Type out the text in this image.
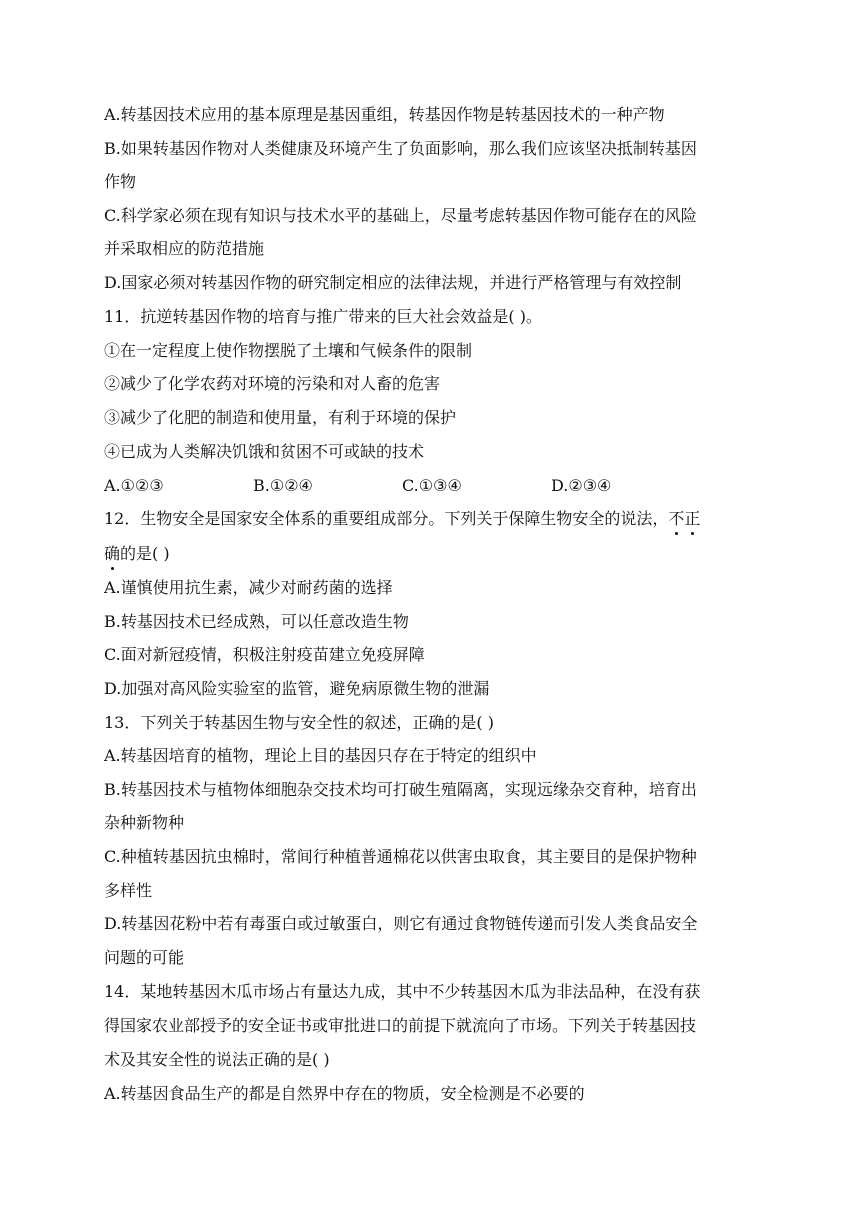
A.转基因技术应用的基本原理是基因重组，转基因作物是转基因技术的一种产物
B.如果转基因作物对人类健康及环境产生了负面影响，那么我们应该坚决抵制转基因
作物
C.科学家必须在现有知识与技术水平的基础上，尽量考虑转基因作物可能存在的风险
并采取相应的防范措施
D.国家必须对转基因作物的研究制定相应的法律法规，并进行严格管理与有效控制
11．抗逆转基因作物的培育与推广带来的巨大社会效益是( )。
①在一定程度上使作物摆脱了土壤和气候条件的限制
②减少了化学农药对环境的污染和对人畜的危害
③减少了化肥的制造和使用量，有利于环境的保护
④已成为人类解决饥饿和贫困不可或缺的技术
A.①②③	B.①②④	C.①③④	D.②③④
12．生物安全是国家安全体系的重要组成部分。下列关于保障生物安全的说法，不正
确的是( )
A.谨慎使用抗生素，减少对耐药菌的选择
B.转基因技术已经成熟，可以任意改造生物
C.面对新冠疫情，积极注射疫苗建立免疫屏障
D.加强对高风险实验室的监管，避免病原微生物的泄漏
13．下列关于转基因生物与安全性的叙述，正确的是( )
A.转基因培育的植物，理论上目的基因只存在于特定的组织中
B.转基因技术与植物体细胞杂交技术均可打破生殖隔离，实现远缘杂交育种，培育出
杂种新物种
C.种植转基因抗虫棉时，常间行种植普通棉花以供害虫取食，其主要目的是保护物种
多样性
D.转基因花粉中若有毒蛋白或过敏蛋白，则它有通过食物链传递而引发人类食品安全
问题的可能
14．某地转基因木瓜市场占有量达九成，其中不少转基因木瓜为非法品种，在没有获
得国家农业部授予的安全证书或审批进口的前提下就流向了市场。下列关于转基因技
术及其安全性的说法正确的是( )
A.转基因食品生产的都是自然界中存在的物质，安全检测是不必要的
